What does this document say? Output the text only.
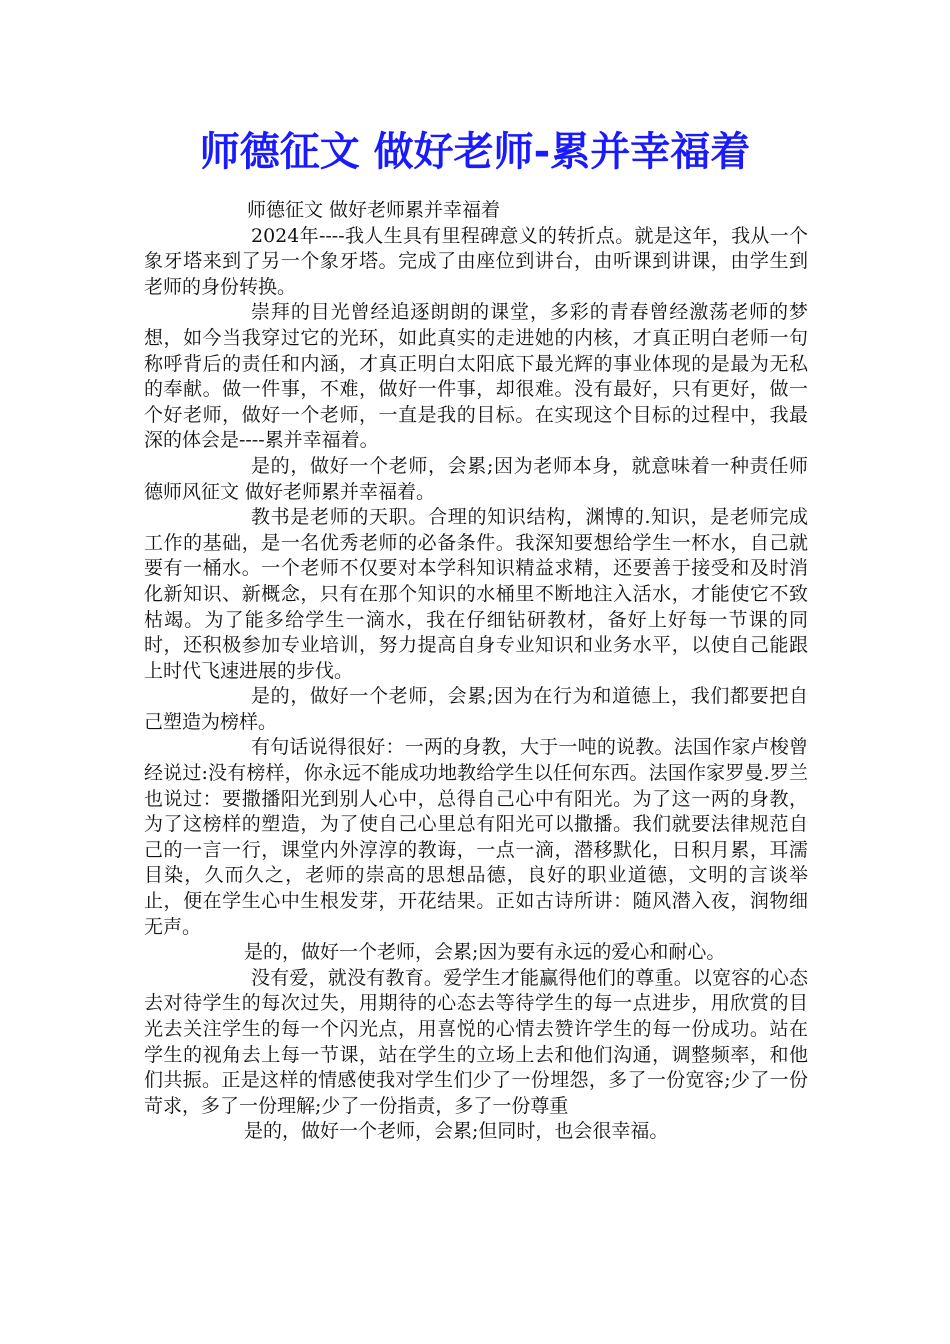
师德征文 做好老师-累并幸福着

师德征文 做好老师累并幸福着

2024年----我人生具有里程碑意义的转折点。就是这年，我从一个象牙塔来到了另一个象牙塔。完成了由座位到讲台，由听课到讲课，由学生到老师的身份转换。

崇拜的目光曾经追逐朗朗的课堂，多彩的青春曾经激荡老师的梦想，如今当我穿过它的光环，如此真实的走进她的内核，才真正明白老师一句称呼背后的责任和内涵，才真正明白太阳底下最光辉的事业体现的是最为无私的奉献。做一件事，不难，做好一件事，却很难。没有最好，只有更好，做一个好老师，做好一个老师，一直是我的目标。在实现这个目标的过程中，我最深的体会是----累并幸福着。

是的，做好一个老师，会累;因为老师本身，就意味着一种责任师德师风征文 做好老师累并幸福着。

教书是老师的天职。合理的知识结构，渊博的.知识，是老师完成工作的基础，是一名优秀老师的必备条件。我深知要想给学生一杯水，自己就要有一桶水。一个老师不仅要对本学科知识精益求精，还要善于接受和及时消化新知识、新概念，只有在那个知识的水桶里不断地注入活水，才能使它不致枯竭。为了能多给学生一滴水，我在仔细钻研教材，备好上好每一节课的同时，还积极参加专业培训，努力提高自身专业知识和业务水平，以使自己能跟上时代飞速进展的步伐。

是的，做好一个老师，会累;因为在行为和道德上，我们都要把自己塑造为榜样。

有句话说得很好：一两的身教，大于一吨的说教。法国作家卢梭曾经说过:没有榜样，你永远不能成功地教给学生以任何东西。法国作家罗曼.罗兰也说过：要撒播阳光到别人心中，总得自己心中有阳光。为了这一两的身教，为了这榜样的塑造，为了使自己心里总有阳光可以撒播。我们就要法律规范自己的一言一行，课堂内外淳淳的教诲，一点一滴，潜移默化，日积月累，耳濡目染，久而久之，老师的崇高的思想品德，良好的职业道德，文明的言谈举止，便在学生心中生根发芽，开花结果。正如古诗所讲：随风潜入夜，润物细无声。

是的，做好一个老师，会累;因为要有永远的爱心和耐心。

没有爱，就没有教育。爱学生才能赢得他们的尊重。以宽容的心态去对待学生的每次过失，用期待的心态去等待学生的每一点进步，用欣赏的目光去关注学生的每一个闪光点，用喜悦的心情去赞许学生的每一份成功。站在学生的视角去上每一节课，站在学生的立场上去和他们沟通，调整频率，和他们共振。正是这样的情感使我对学生们少了一份埋怨，多了一份宽容;少了一份苛求，多了一份理解;少了一份指责，多了一份尊重

是的，做好一个老师，会累;但同时，也会很幸福。
